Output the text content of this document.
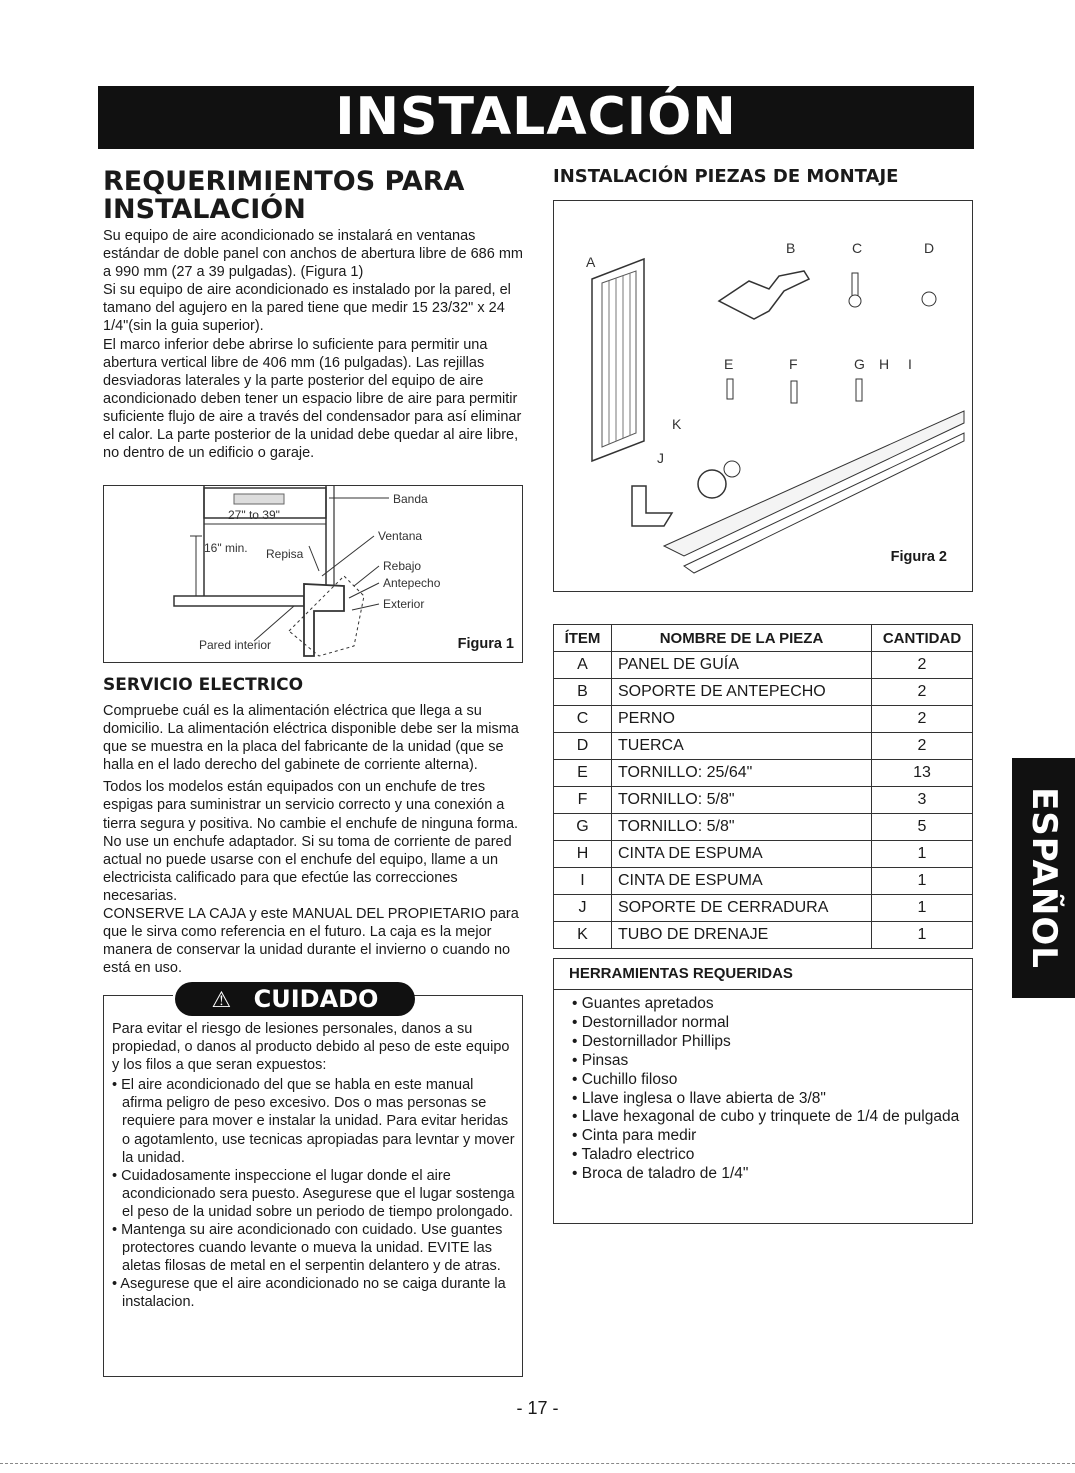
INSTALACIÓN
REQUERIMIENTOS PARA INSTALACIÓN

Su equipo de aire acondicionado se instalará en ventanas estándar de doble panel con anchos de abertura libre de 686 mm a 990 mm (27 a 39 pulgadas). (Figura 1)

Si su equipo de aire acondicionado es instalado por la pared, el tamano del agujero en la pared tiene que medir 15 23/32" x 24 1/4"(sin la guia superior).

El marco inferior debe abrirse lo suficiente para permitir una abertura vertical libre de 406 mm (16 pulgadas). Las rejillas desviadoras laterales y la parte posterior del equipo de aire acondicionado deben tener un espacio libre de aire para permitir suficiente flujo de aire a través del condensador para así eliminar el calor. La parte posterior de la unidad debe quedar al aire libre, no dentro de un edificio o garaje.

Banda
27" to 39"
16" min. Repisa
Ventana
Rebajo
Antepecho
Exterior
Pared interior	Figura 1
SERVICIO ELECTRICO

Compruebe cuál es la alimentación eléctrica que llega a su domicilio. La alimentación eléctrica disponible debe ser la misma que se muestra en la placa del fabricante de la unidad (que se halla en el lado derecho del gabinete de corriente alterna).

Todos los modelos están equipados con un enchufe de tres espigas para suministrar un servicio correcto y una conexión a tierra segura y positiva. No cambie el enchufe de ninguna forma. No use un enchufe adaptador. Si su toma de corriente de pared actual no puede usarse con el enchufe del equipo, llame a un electricista calificado para que efectúe las correcciones necesarias.

CONSERVE LA CAJA y este MANUAL DEL PROPIETARIO para que le sirva como referencia en el futuro. La caja es la mejor manera de conservar la unidad durante el invierno o cuando no está en uso.

⚠ CUIDADO

Para evitar el riesgo de lesiones personales, danos a su propiedad, o danos al producto debido al peso de este equipo y los filos a que seran expuestos:

• El aire acondicionado del que se habla en este manual afirma peligro de peso excesivo. Dos o mas personas se requiere para mover e instalar la unidad. Para evitar heridas o agotamlento, use tecnicas apropiadas para levntar y mover la unidad.
• Cuidadosamente inspeccione el lugar donde el aire acondicionado sera puesto. Asegurese que el lugar sostenga el peso de la unidad sobre un periodo de tiempo prolongado.
• Mantenga su aire acondicionado con cuidado. Use guantes protectores cuando levante o mueva la unidad. EVITE las aletas filosas de metal en el serpentin delantero y de atras.
• Asegurese que el aire acondicionado no se caiga durante la instalacion.
INSTALACIÓN PIEZAS DE MONTAJE
A
B	C	D
E	F	G H I
J
K
Figura 2
ÍTEM	NOMBRE DE LA PIEZA	CANTIDAD
A	PANEL DE GUÍA	2
B	SOPORTE DE ANTEPECHO	2
C	PERNO	2
D	TUERCA	2
E	TORNILLO: 25/64"	13
F	TORNILLO: 5/8"	3
G	TORNILLO: 5/8"	5
H	CINTA DE ESPUMA	1
I	CINTA DE ESPUMA	1
J	SOPORTE DE CERRADURA	1
K	TUBO DE DRENAJE	1
HERRAMIENTAS REQUERIDAS
• Guantes apretados
• Destornillador normal
• Destornillador Phillips
• Pinsas
• Cuchillo filoso
• Llave inglesa o llave abierta de 3/8"
• Llave hexagonal de cubo y trinquete de 1/4 de pulgada
• Cinta para medir
• Taladro electrico
• Broca de taladro de 1/4"
ESPAÑOL
- 17 -
